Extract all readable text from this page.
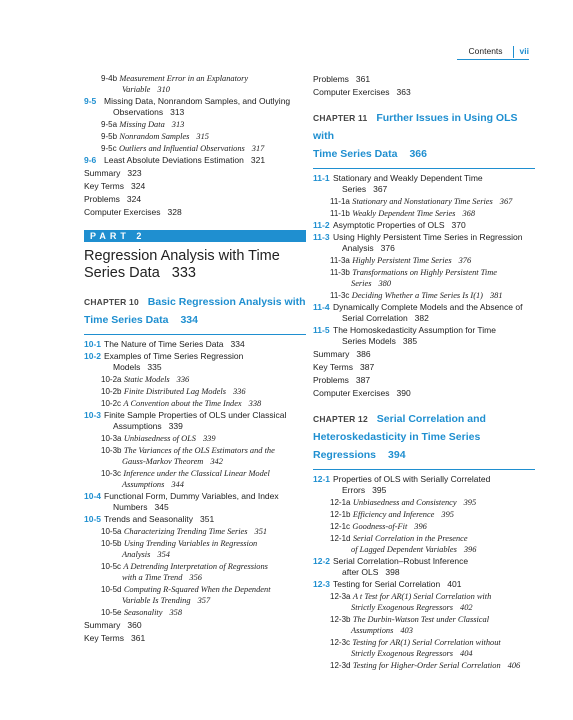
Contents	vii
9-4b Measurement Error in an Explanatory
Variable 310
9-5 Missing Data, Nonrandom Samples, and Outlying
Observations 313
9-5a Missing Data 313
9-5b Nonrandom Samples 315
9-5c Outliers and Influential Observations 317
9-6 Least Absolute Deviations Estimation 321
Summary 323
Key Terms 324
Problems 324
Computer Exercises 328
PART 2
Regression Analysis with Time
Series Data 333
CHAPTER 10 Basic Regression Analysis with
Time Series Data 334
10-1 The Nature of Time Series Data 334
10-2 Examples of Time Series Regression
Models 335
10-2a Static Models 336
10-2b Finite Distributed Lag Models 336
10-2c A Convention about the Time Index 338
10-3 Finite Sample Properties of OLS under Classical
Assumptions 339
10-3a Unbiasedness of OLS 339
10-3b The Variances of the OLS Estimators and the
Gauss-Markov Theorem 342
10-3c Inference under the Classical Linear Model
Assumptions 344
10-4 Functional Form, Dummy Variables, and Index
Numbers 345
10-5 Trends and Seasonality 351
10-5a Characterizing Trending Time Series 351
10-5b Using Trending Variables in Regression
Analysis 354
10-5c A Detrending Interpretation of Regressions
with a Time Trend 356
10-5d Computing R-Squared When the Dependent
Variable Is Trending 357
10-5e Seasonality 358
Summary 360
Key Terms 361
Problems 361
Computer Exercises 363
CHAPTER 11 Further Issues in Using OLS with
Time Series Data 366
11-1 Stationary and Weakly Dependent Time
Series 367
11-1a Stationary and Nonstationary Time Series 367
11-1b Weakly Dependent Time Series 368
11-2 Asymptotic Properties of OLS 370
11-3 Using Highly Persistent Time Series in Regression
Analysis 376
11-3a Highly Persistent Time Series 376
11-3b Transformations on Highly Persistent Time
Series 380
11-3c Deciding Whether a Time Series Is I(1) 381
11-4 Dynamically Complete Models and the Absence of
Serial Correlation 382
11-5 The Homoskedasticity Assumption for Time
Series Models 385
Summary 386
Key Terms 387
Problems 387
Computer Exercises 390
CHAPTER 12 Serial Correlation and
Heteroskedasticity in Time Series
Regressions 394
12-1 Properties of OLS with Serially Correlated
Errors 395
12-1a Unbiasedness and Consistency 395
12-1b Efficiency and Inference 395
12-1c Goodness-of-Fit 396
12-1d Serial Correlation in the Presence
of Lagged Dependent Variables 396
12-2 Serial Correlation–Robust Inference
after OLS 398
12-3 Testing for Serial Correlation 401
12-3a A t Test for AR(1) Serial Correlation with
Strictly Exogenous Regressors 402
12-3b The Durbin-Watson Test under Classical
Assumptions 403
12-3c Testing for AR(1) Serial Correlation without
Strictly Exogenous Regressors 404
12-3d Testing for Higher-Order Serial Correlation 406
